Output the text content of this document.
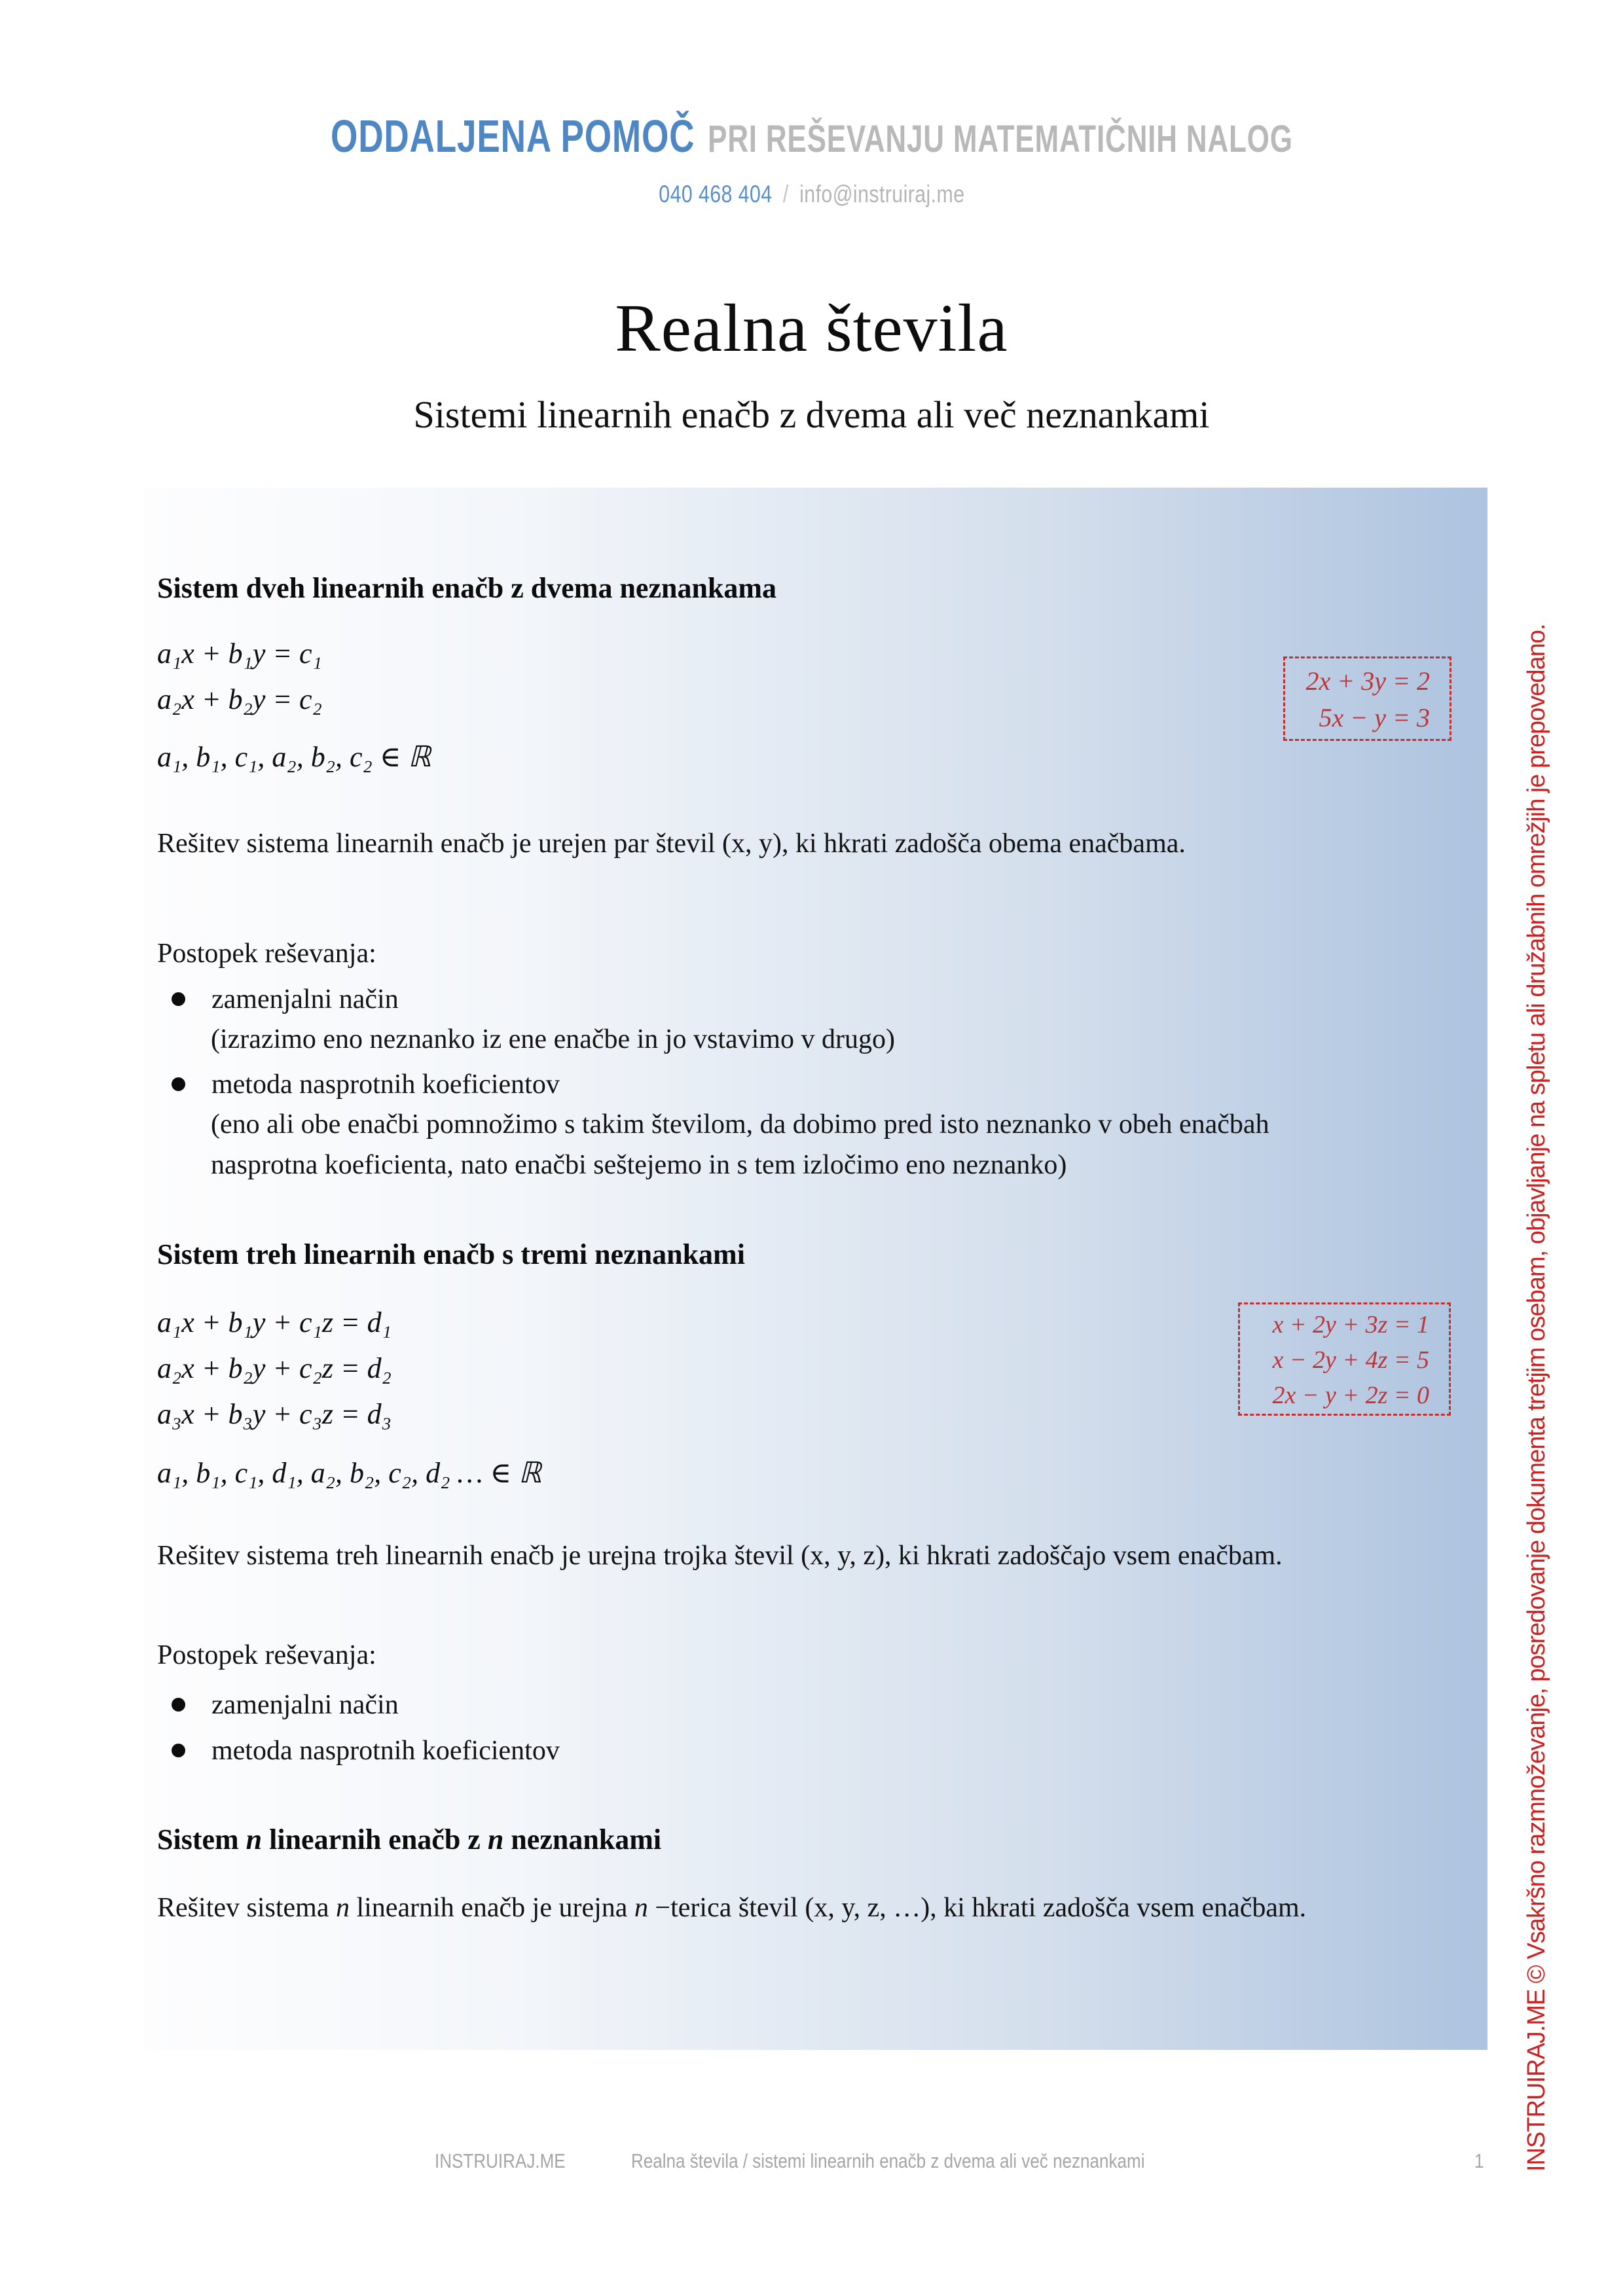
ODDALJENA POMOČ PRI REŠEVANJU MATEMATIČNIH NALOG
040 468 404 / info@instruiraj.me
Realna števila
Sistemi linearnih enačb z dvema ali več neznankami
Sistem dveh linearnih enačb z dvema neznankama
a₁x + b₁y = c₁
a₂x + b₂y = c₂
a₁, b₁, c₁, a₂, b₂, c₂ ∈ ℝ
2x + 3y = 2
5x − y = 3
Rešitev sistema linearnih enačb je urejen par števil (x, y), ki hkrati zadošča obema enačbama.
Postopek reševanja:
zamenjalni način
(izrazimo eno neznanko iz ene enačbe in jo vstavimo v drugo)
metoda nasprotnih koeficientov
(eno ali obe enačbi pomnožimo s takim številom, da dobimo pred isto neznanko v obeh enačbah nasprotna koeficienta, nato enačbi seštejemo in s tem izločimo eno neznanko)
Sistem treh linearnih enačb s tremi neznankami
a₁x + b₁y + c₁z = d₁
a₂x + b₂y + c₂z = d₂
a₃x + b₃y + c₃z = d₃
a₁, b₁, c₁, d₁, a₂, b₂, c₂, d₂ … ∈ ℝ
x + 2y + 3z = 1
x − 2y + 4z = 5
2x − y + 2z = 0
Rešitev sistema treh linearnih enačb je urejna trojka števil (x, y, z), ki hkrati zadoščajo vsem enačbam.
Postopek reševanja:
zamenjalni način
metoda nasprotnih koeficientov
Sistem n linearnih enačb z n neznankami
Rešitev sistema n linearnih enačb je urejna n −terica števil (x, y, z, …), ki hkrati zadošča vsem enačbam.	INSTRUIRAJ.ME © Vsakršno razmnoževanje, posredovanje dokumenta tretjim osebam, objavljanje na spletu ali družabnih omrežjih je prepovedano.
INSTRUIRAJ.ME	Realna števila / sistemi linearnih enačb z dvema ali več neznankami	1
